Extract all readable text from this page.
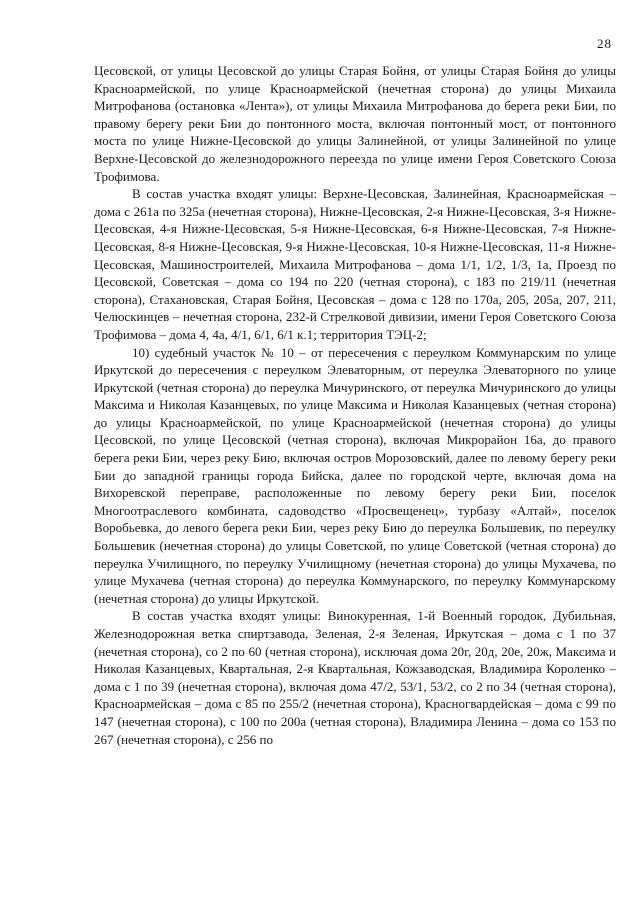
28

Цесовской, от улицы Цесовской до улицы Старая Бойня, от улицы Старая Бойня до улицы Красноармейской, по улице Красноармейской (нечетная сторона) до улицы Михаила Митрофанова (остановка «Лента»), от улицы Михаила Митрофанова до берега реки Бии, по правому берегу реки Бии до понтонного моста, включая понтонный мост, от понтонного моста по улице Нижне-Цесовской до улицы Залинейной, от улицы Залинейной по улице Верхне-Цесовской до железнодорожного переезда по улице имени Героя Советского Союза Трофимова.

В состав участка входят улицы: Верхне-Цесовская, Залинейная, Красноармейская – дома с 261а по 325а (нечетная сторона), Нижне-Цесовская, 2-я Нижне-Цесовская, 3-я Нижне-Цесовская, 4-я Нижне-Цесовская, 5-я Нижне-Цесовская, 6-я Нижне-Цесовская, 7-я Нижне-Цесовская, 8-я Нижне-Цесовская, 9-я Нижне-Цесовская, 10-я Нижне-Цесовская, 11-я Нижне-Цесовская, Машиностроителей, Михаила Митрофанова – дома 1/1, 1/2, 1/3, 1а, Проезд по Цесовской, Советская – дома со 194 по 220 (четная сторона), с 183 по 219/11 (нечетная сторона), Стахановская, Старая Бойня, Цесовская – дома с 128 по 170а, 205, 205а, 207, 211, Челюскинцев – нечетная сторона, 232-й Стрелковой дивизии, имени Героя Советского Союза Трофимова – дома 4, 4а, 4/1, 6/1, 6/1 к.1; территория ТЭЦ-2;

10) судебный участок № 10 – от пересечения с переулком Коммунарским по улице Иркутской до пересечения с переулком Элеваторным, от переулка Элеваторного по улице Иркутской (четная сторона) до переулка Мичуринского, от переулка Мичуринского до улицы Максима и Николая Казанцевых, по улице Максима и Николая Казанцевых (четная сторона) до улицы Красноармейской, по улице Красноармейской (нечетная сторона) до улицы Цесовской, по улице Цесовской (четная сторона), включая Микрорайон 16а, до правого берега реки Бии, через реку Бию, включая остров Морозовский, далее по левому берегу реки Бии до западной границы города Бийска, далее по городской черте, включая дома на Вихоревской переправе, расположенные по левому берегу реки Бии, поселок Многоотраслевого комбината, садоводство «Просвещенец», турбазу «Алтай», поселок Воробьевка, до левого берега реки Бии, через реку Бию до переулка Большевик, по переулку Большевик (нечетная сторона) до улицы Советской, по улице Советской (четная сторона) до переулка Училищного, по переулку Училищному (нечетная сторона) до улицы Мухачева, по улице Мухачева (четная сторона) до переулка Коммунарского, по переулку Коммунарскому (нечетная сторона) до улицы Иркутской.

В состав участка входят улицы: Винокуренная, 1-й Военный городок, Дубильная, Железнодорожная ветка спиртзавода, Зеленая, 2-я Зеленая, Иркутская – дома с 1 по 37 (нечетная сторона), со 2 по 60 (четная сторона), исключая дома 20г, 20д, 20е, 20ж, Максима и Николая Казанцевых, Квартальная, 2-я Квартальная, Кожзаводская, Владимира Короленко – дома с 1 по 39 (нечетная сторона), включая дома 47/2, 53/1, 53/2, со 2 по 34 (четная сторона), Красноармейская – дома с 85 по 255/2 (нечетная сторона), Красногвардейская – дома с 99 по 147 (нечетная сторона), с 100 по 200а (четная сторона), Владимира Ленина – дома со 153 по 267 (нечетная сторона), с 256 по
